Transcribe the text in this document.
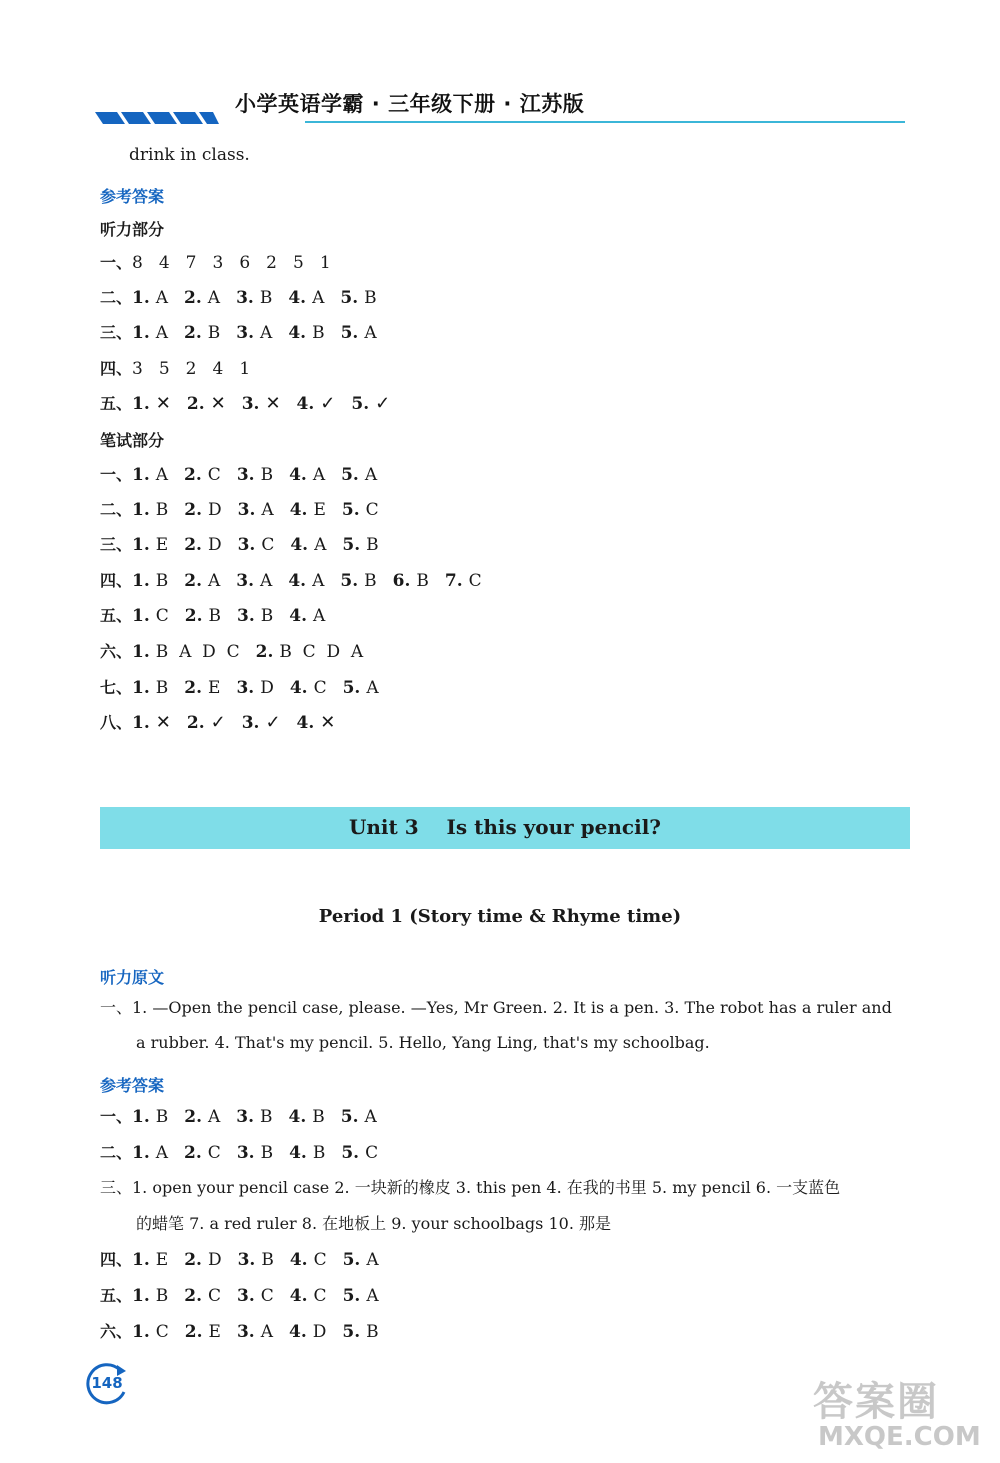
小学英语学霸 · 三年级下册 · 江苏版
drink in class.
参考答案
听力部分
一、8 4 7 3 6 2 5 1
二、1. A 2. A 3. B 4. A 5. B
三、1. A 2. B 3. A 4. B 5. A
四、3 5 2 4 1
五、1. ✕ 2. ✕ 3. ✕ 4. ✓ 5. ✓
笔试部分
一、1. A 2. C 3. B 4. A 5. A
二、1. B 2. D 3. A 4. E 5. C
三、1. E 2. D 3. C 4. A 5. B
四、1. B 2. A 3. A 4. A 5. B 6. B 7. C
五、1. C 2. B 3. B 4. A
六、1. B  A  D  C 2. B  C  D  A
七、1. B 2. E 3. D 4. C 5. A
八、1. ✕ 2. ✓ 3. ✓ 4. ✕
Unit 3    Is this your pencil?
Period 1 (Story time & Rhyme time)
听力原文
一、1. —Open the pencil case, please. —Yes, Mr Green. 2. It is a pen. 3. The robot has a ruler and
a rubber. 4. That's my pencil. 5. Hello, Yang Ling, that's my schoolbag.
参考答案
一、1. B 2. A 3. B 4. B 5. A
二、1. A 2. C 3. B 4. B 5. C
三、1. open your pencil case 2. 一块新的橡皮 3. this pen 4. 在我的书里 5. my pencil 6. 一支蓝色
的蜡笔 7. a red ruler 8. 在地板上 9. your schoolbags 10. 那是
四、1. E 2. D 3. B 4. C 5. A
五、1. B 2. C 3. C 4. C 5. A
六、1. C 2. E 3. A 4. D 5. B
148	答案圈
MXQE.COM
